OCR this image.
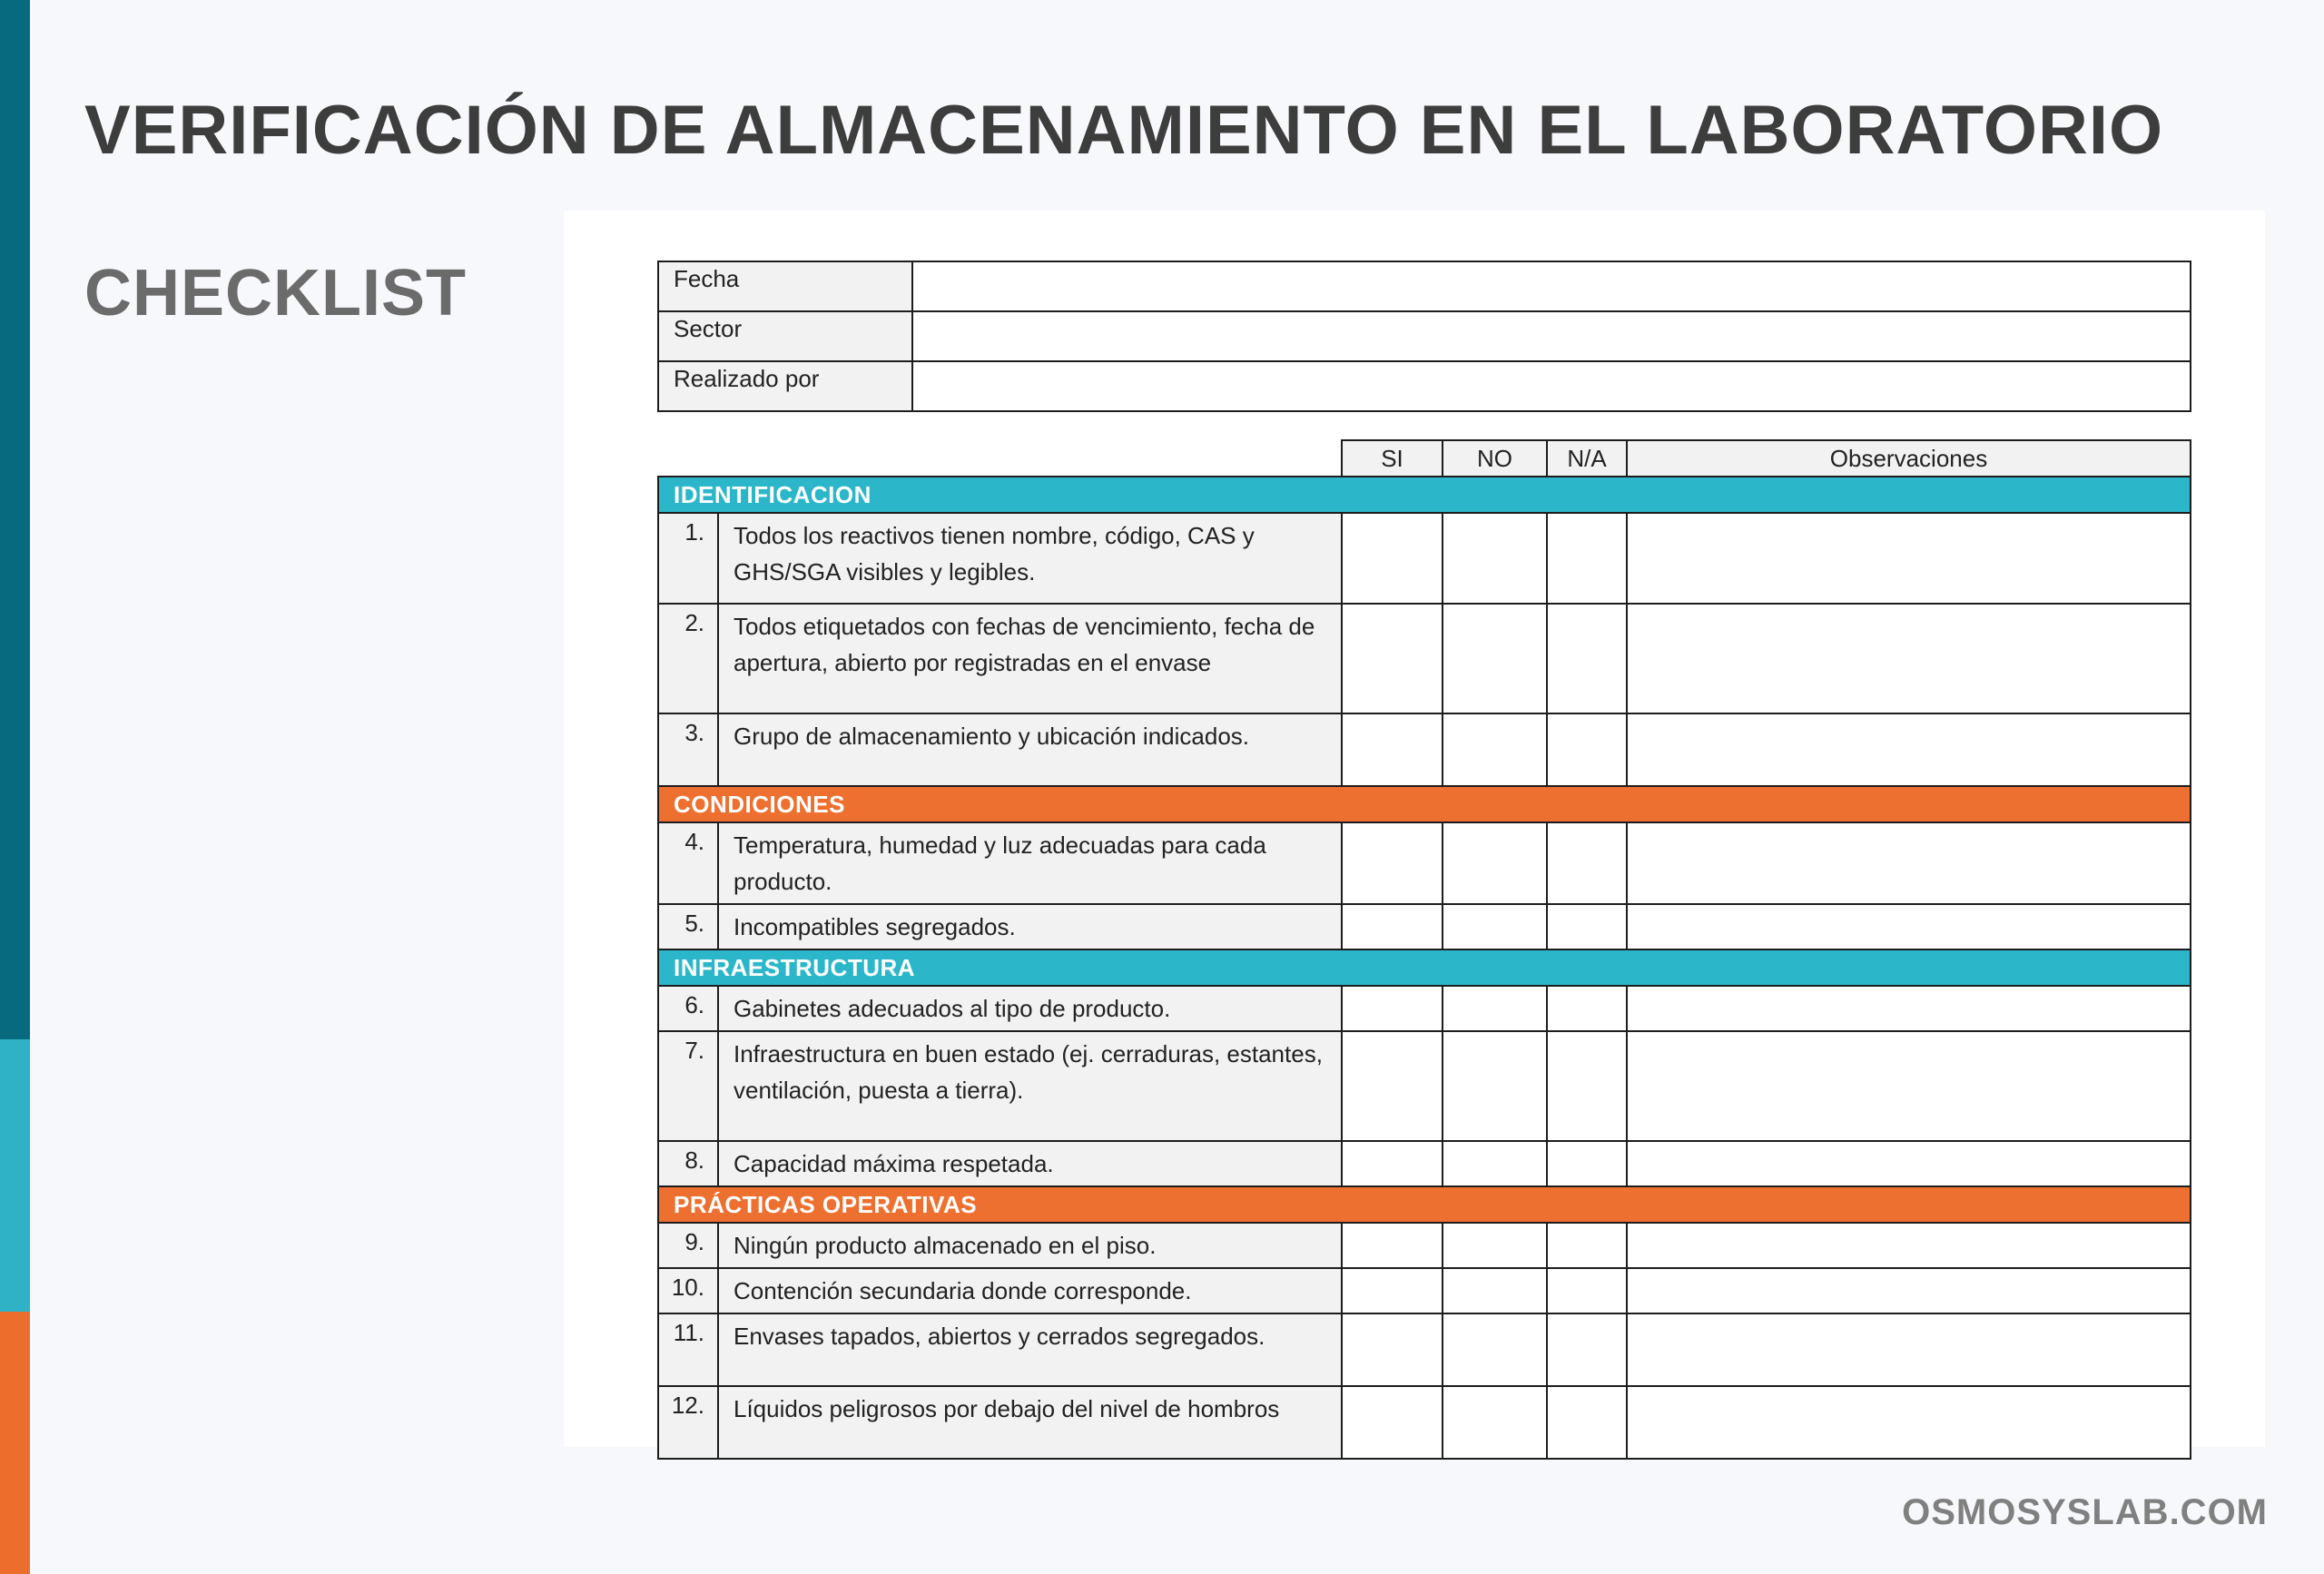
VERIFICACIÓN DE ALMACENAMIENTO EN EL LABORATORIO
CHECKLIST	Fecha	
Sector	
Realizado por	
		SI	NO	N/A	Observaciones
IDENTIFICACION					
1.	Todos los reactivos tienen nombre, código, CAS y GHS/SGA visibles y legibles.				
2.	Todos etiquetados con fechas de vencimiento, fecha de apertura, abierto por registradas en el envase				
3.	Grupo de almacenamiento y ubicación indicados.				
CONDICIONES					
4.	Temperatura, humedad y luz adecuadas para cada producto.				
5.	Incompatibles segregados.				
INFRAESTRUCTURA					
6.	Gabinetes adecuados al tipo de producto.				
7.	Infraestructura en buen estado (ej. cerraduras, estantes, ventilación, puesta a tierra).				
8.	Capacidad máxima respetada.				
PRÁCTICAS OPERATIVAS					
9.	Ningún producto almacenado en el piso.				
10.	Contención secundaria donde corresponde.				
11.	Envases tapados, abiertos y cerrados segregados.				
12.	Líquidos peligrosos por debajo del nivel de hombros				
OSMOSYSLAB.COM
